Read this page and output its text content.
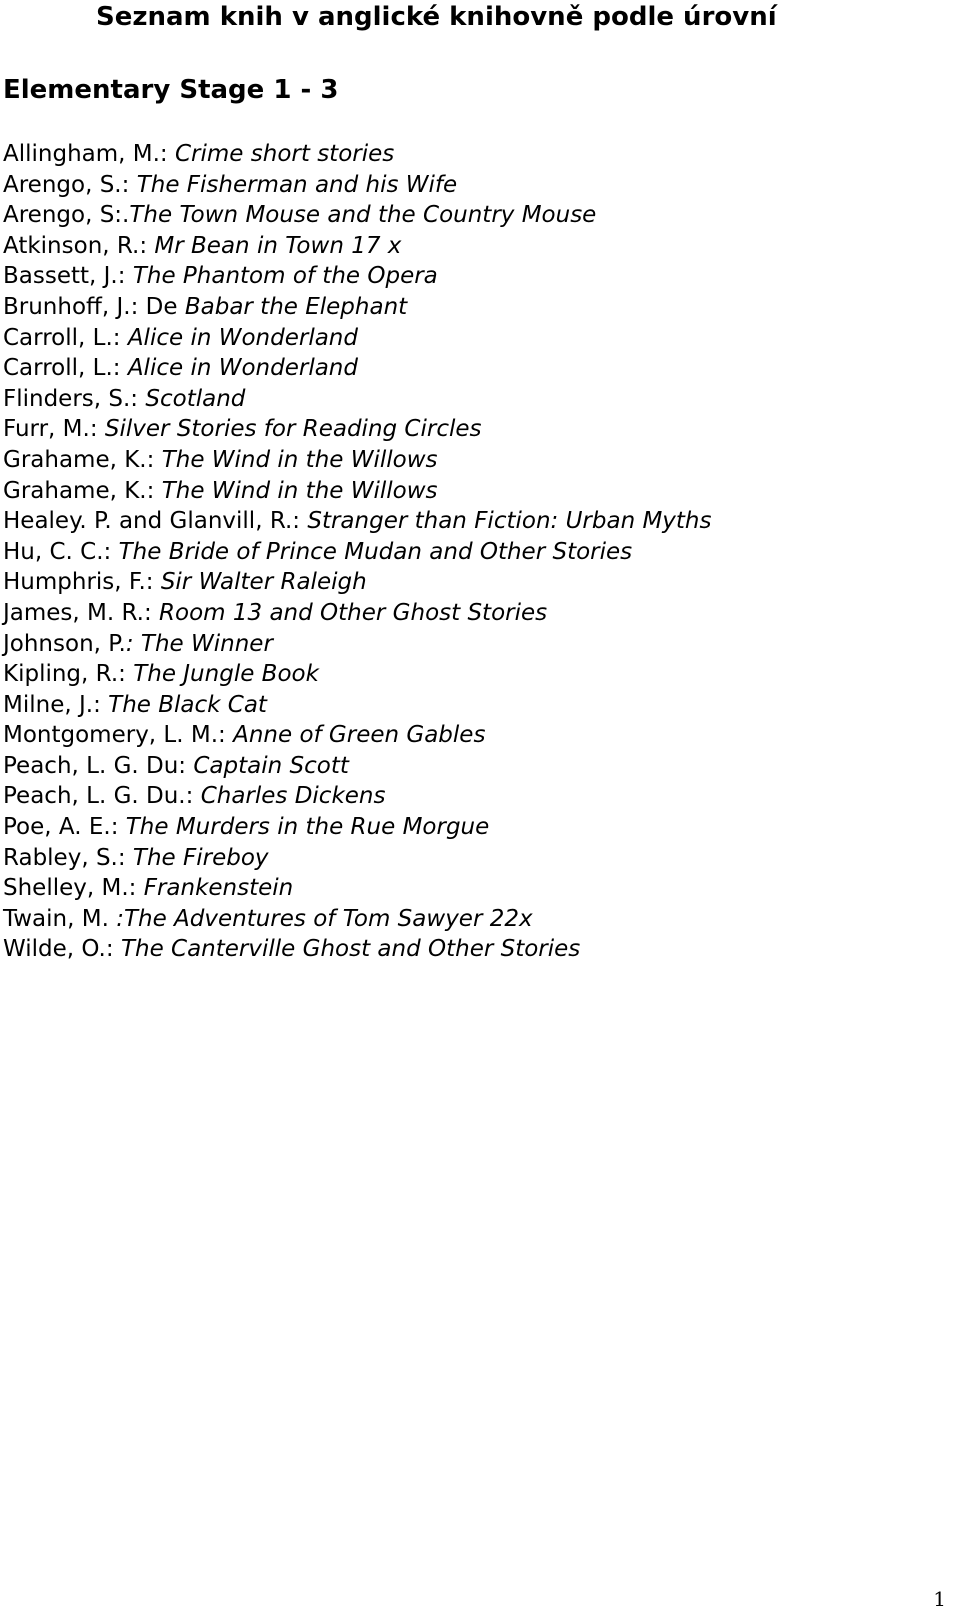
Seznam knih v anglické knihovně podle úrovní
Elementary Stage 1 - 3
Allingham, M.: Crime short stories
Arengo, S.: The Fisherman and his Wife
Arengo, S:.The Town Mouse and the Country Mouse
Atkinson, R.: Mr Bean in Town 17 x
Bassett, J.: The Phantom of the Opera
Brunhoff, J.: De Babar the Elephant
Carroll, L.: Alice in Wonderland
Carroll, L.: Alice in Wonderland
Flinders, S.: Scotland
Furr, M.: Silver Stories for Reading Circles
Grahame, K.: The Wind in the Willows
Grahame, K.: The Wind in the Willows
Healey. P. and Glanvill, R.: Stranger than Fiction: Urban Myths
Hu, C. C.: The Bride of Prince Mudan and Other Stories
Humphris, F.: Sir Walter Raleigh
James, M. R.: Room 13 and Other Ghost Stories
Johnson, P.: The Winner
Kipling, R.: The Jungle Book
Milne, J.: The Black Cat
Montgomery, L. M.: Anne of Green Gables
Peach, L. G. Du: Captain Scott
Peach, L. G. Du.: Charles Dickens
Poe, A. E.: The Murders in the Rue Morgue
Rabley, S.: The Fireboy
Shelley, M.: Frankenstein
Twain, M. :The Adventures of Tom Sawyer 22x
Wilde, O.: The Canterville Ghost and Other Stories
1
